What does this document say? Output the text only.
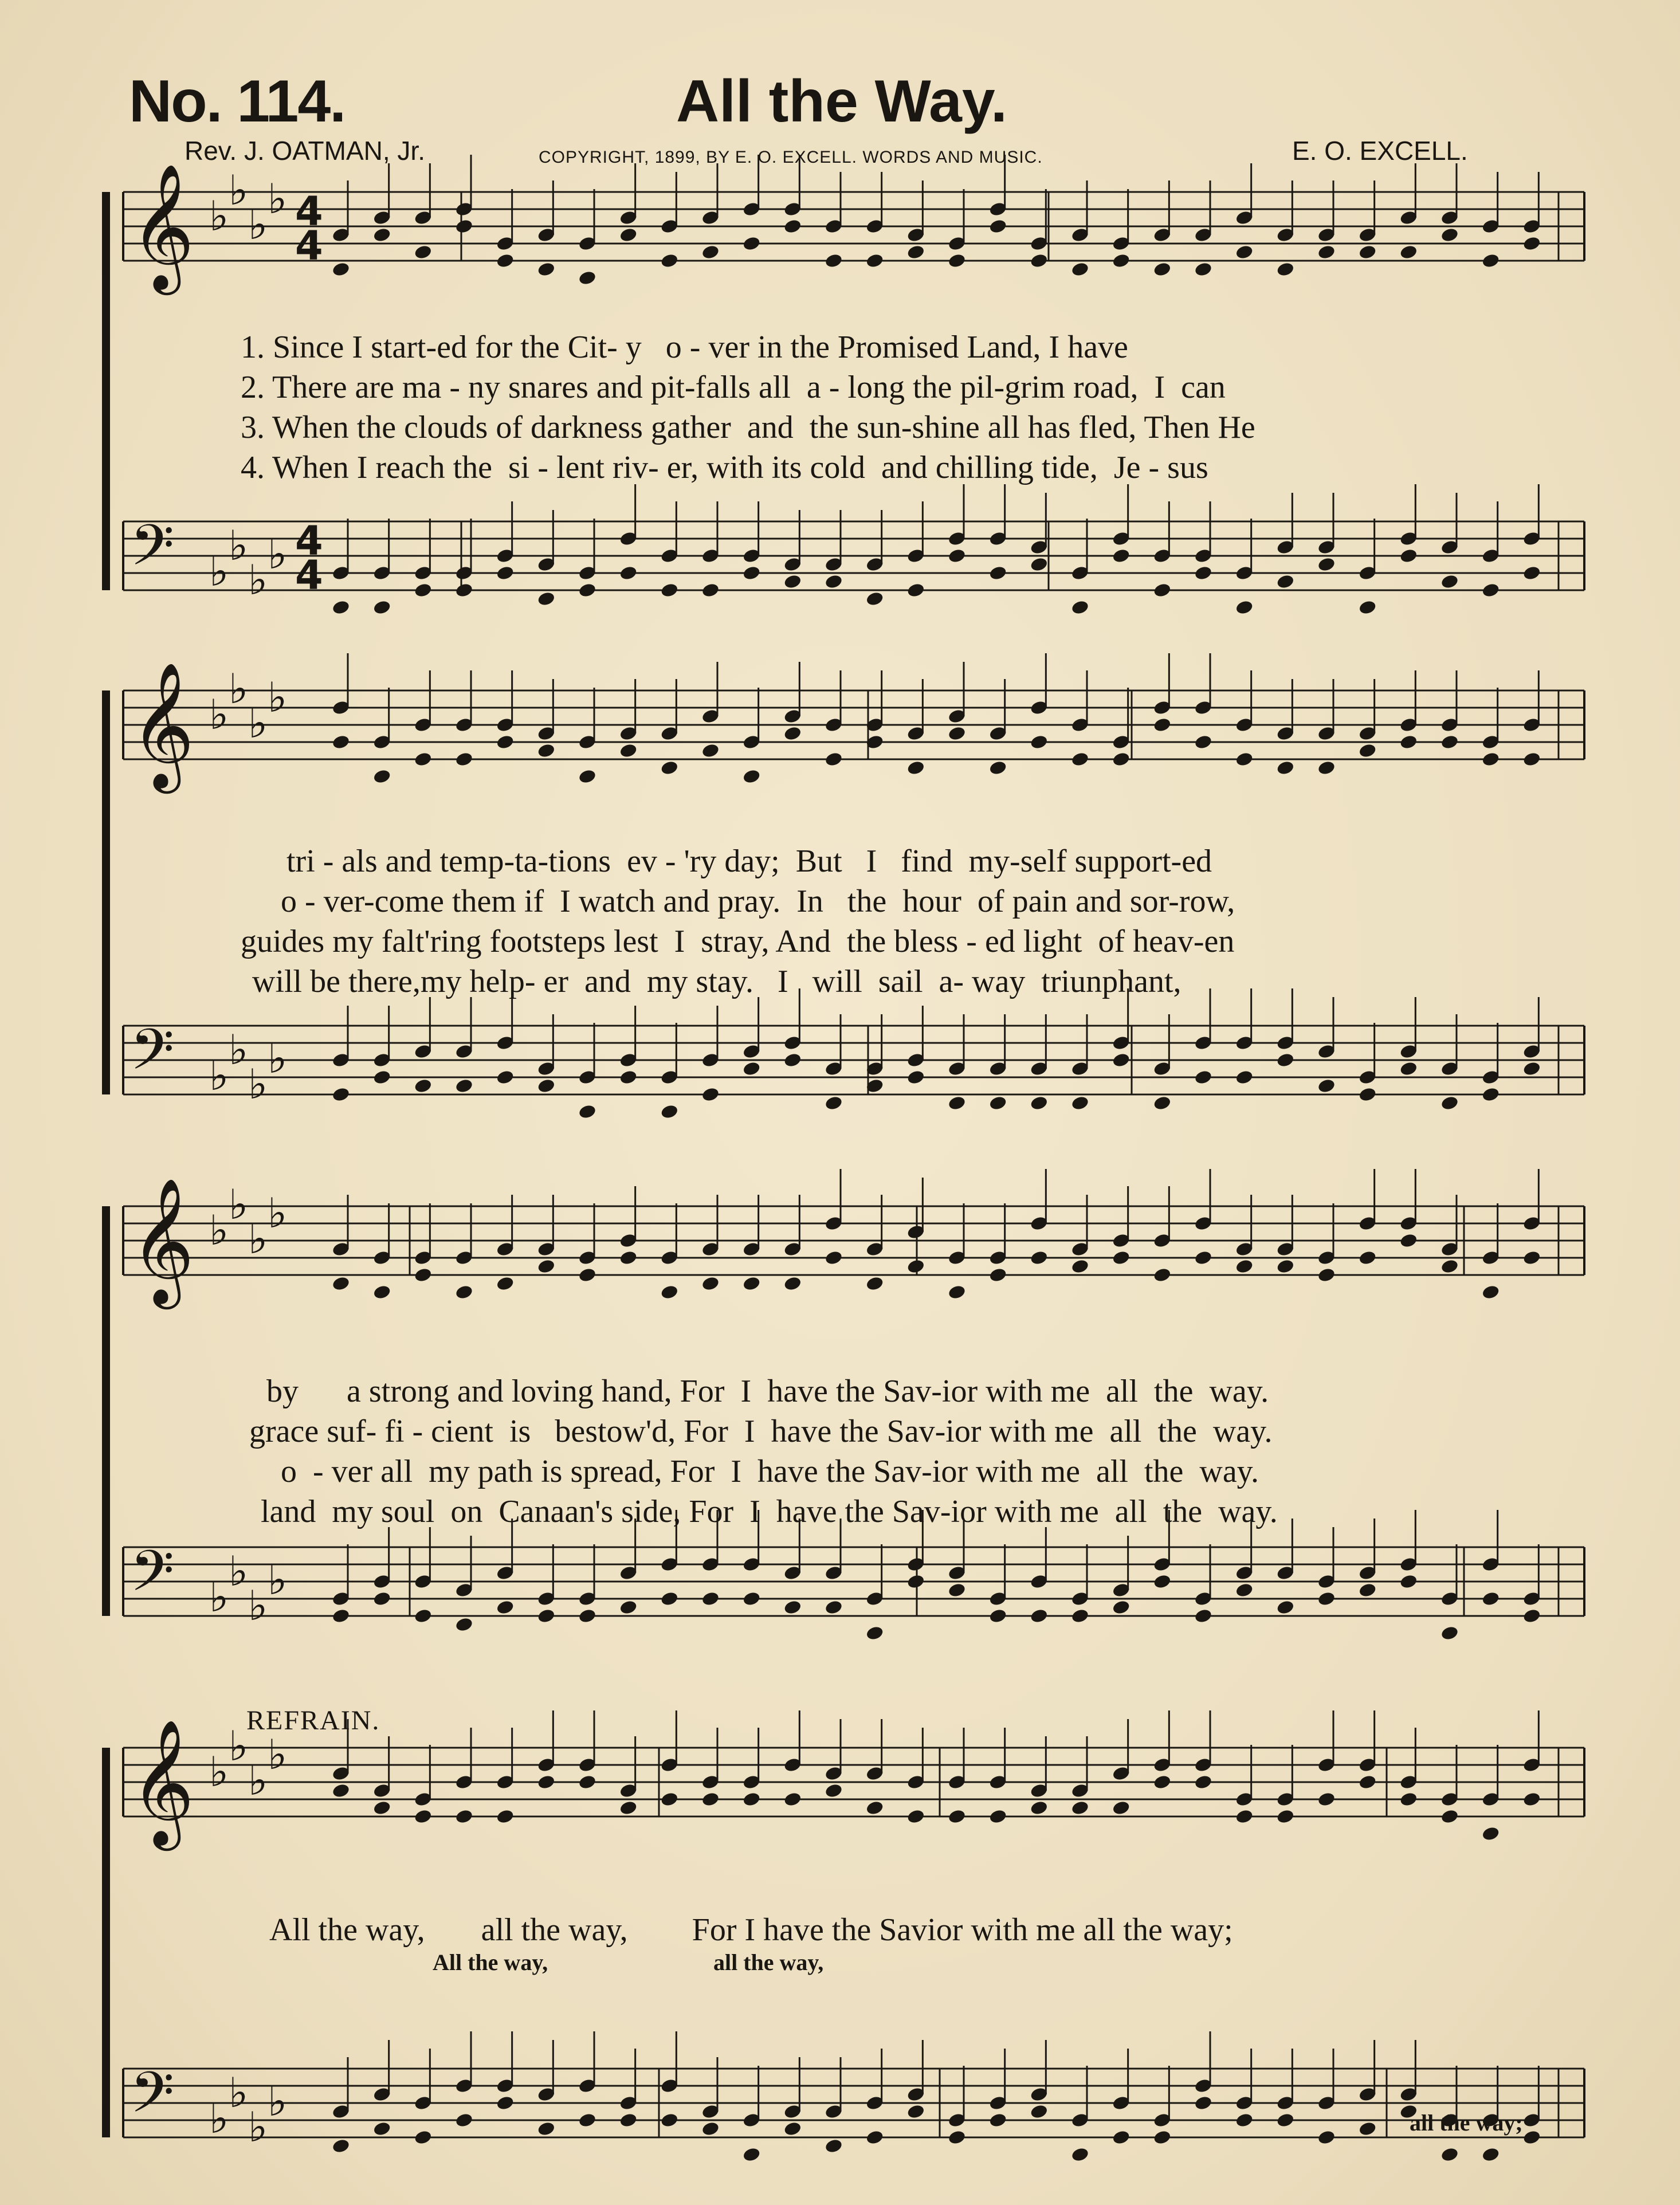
No. 114.	All the Way.
Rev. J. OATMAN, Jr.	COPYRIGHT, 1899, BY E. O. EXCELL. WORDS AND MUSIC.	E. O. EXCELL.
𝄞 ♭
♭
♭
♭
𝄢 ♭
♭
♭
♭
4
4
4
4
𝄞 ♭
♭
♭
♭
𝄢 ♭
♭
♭
♭
𝄞 ♭
♭
♭
♭
𝄢 ♭
♭
♭
♭
𝄞 ♭
♭
♭
♭
𝄢 ♭
♭
♭
♭
1. Since I start-ed for the Cit- y   o - ver in the Promised Land, I have
2. There are ma - ny snares and pit-falls all  a - long the pil-grim road,  I  can
3. When the clouds of darkness gather  and  the sun-shine all has fled, Then He
4. When I reach the  si - lent riv- er, with its cold  and chilling tide,  Je - sus
tri - als and temp-ta-tions  ev - 'ry day;  But   I   find  my-self support-ed
o - ver-come them if  I watch and pray.  In   the  hour  of pain and sor-row,
guides my falt'ring footsteps lest  I  stray, And  the bless - ed light  of heav-en
will be there,my help- er  and  my stay.   I   will  sail  a- way  triunphant,
by      a strong and loving hand, For  I  have the Sav-ior with me  all  the  way.
grace suf- fi - cient  is   bestow'd, For  I  have the Sav-ior with me  all  the  way.
o  - ver all  my path is spread, For  I  have the Sav-ior with me  all  the  way.
land  my soul  on  Canaan's side, For  I  have the Sav-ior with me  all  the  way.
REFRAIN.
All the way,       all the way,        For I have the Savior with me all the way;
All the way,	all the way,
all the way;
